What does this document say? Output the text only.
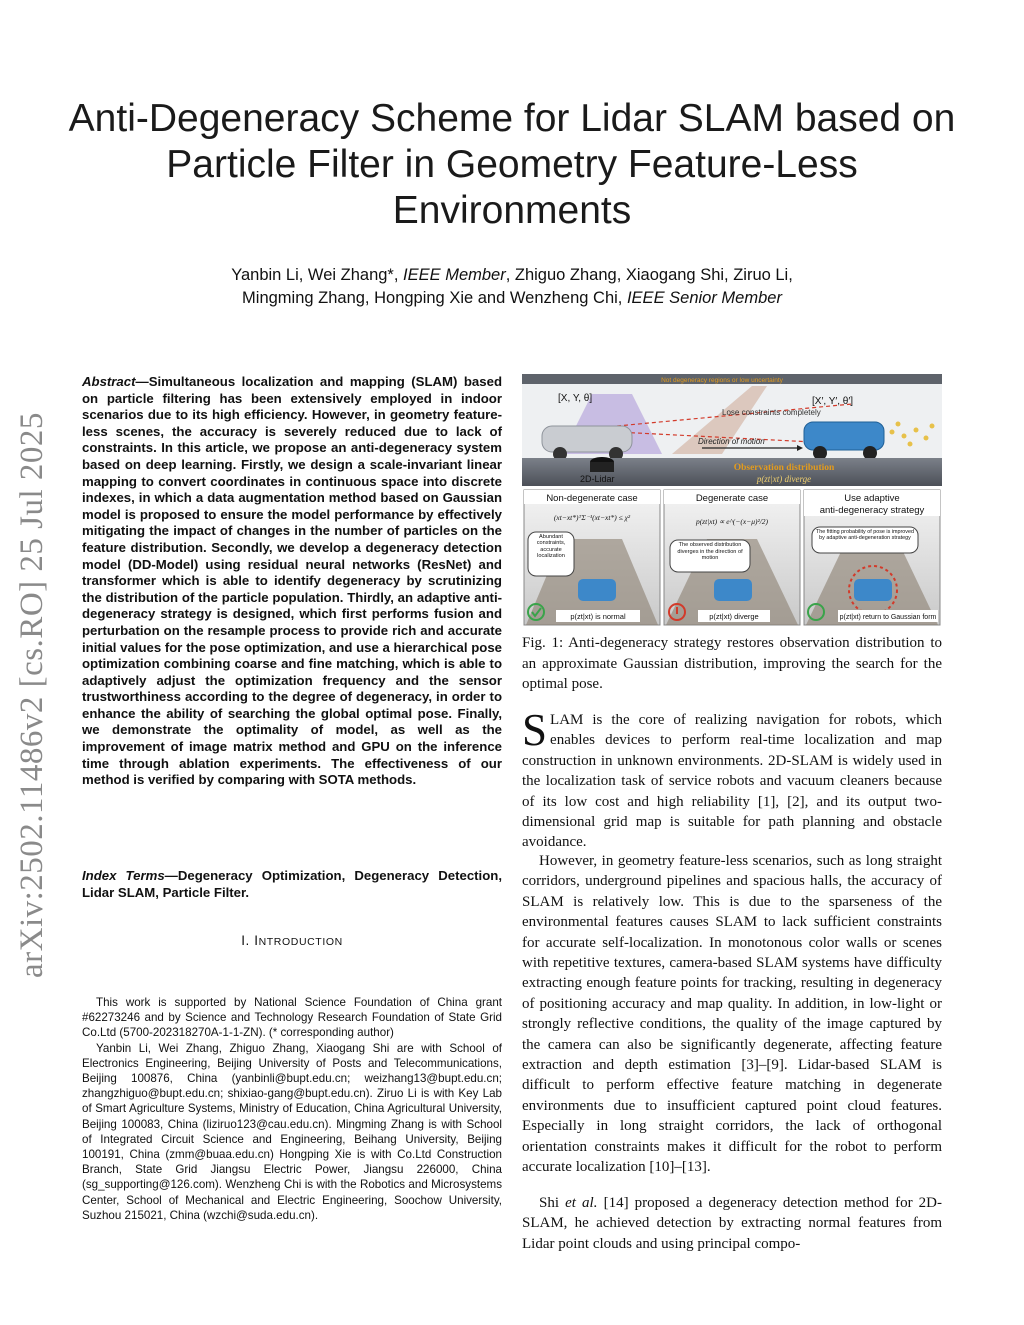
arXiv:2502.11486v2 [cs.RO] 25 Jul 2025
Anti-Degeneracy Scheme for Lidar SLAM based on Particle Filter in Geometry Feature-Less Environments
Yanbin Li, Wei Zhang*, IEEE Member, Zhiguo Zhang, Xiaogang Shi, Ziruo Li,
Mingming Zhang, Hongping Xie and Wenzheng Chi, IEEE Senior Member
Abstract—Simultaneous localization and mapping (SLAM) based on particle filtering has been extensively employed in indoor scenarios due to its high efficiency. However, in geometry feature-less scenes, the accuracy is severely reduced due to lack of constraints. In this article, we propose an anti-degeneracy system based on deep learning. Firstly, we design a scale-invariant linear mapping to convert coordinates in continuous space into discrete indexes, in which a data augmentation method based on Gaussian model is proposed to ensure the model performance by effectively mitigating the impact of changes in the number of particles on the feature distribution. Secondly, we develop a degeneracy detection model (DD-Model) using residual neural networks (ResNet) and transformer which is able to identify degeneracy by scrutinizing the distribution of the particle population. Thirdly, an adaptive anti-degeneracy strategy is designed, which first performs fusion and perturbation on the resample process to provide rich and accurate initial values for the pose optimization, and use a hierarchical pose optimization combining coarse and fine matching, which is able to adaptively adjust the optimization frequency and the sensor trustworthiness according to the degree of degeneracy, in order to enhance the ability of searching the global optimal pose. Finally, we demonstrate the optimality of model, as well as the improvement of image matrix method and GPU on the inference time through ablation experiments. The effectiveness of our method is verified by comparing with SOTA methods.
Index Terms—Degeneracy Optimization, Degeneracy Detection, Lidar SLAM, Particle Filter.
I. INTRODUCTION

This work is supported by National Science Foundation of China grant #62273246 and by Science and Technology Research Foundation of State Grid Co.Ltd (5700-202318270A-1-1-ZN). (* corresponding author)

Yanbin Li, Wei Zhang, Zhiguo Zhang, Xiaogang Shi are with School of Electronics Engineering, Beijing University of Posts and Telecommunications, Beijing 100876, China (yanbinli@bupt.edu.cn; weizhang13@bupt.edu.cn; zhangzhiguo@bupt.edu.cn; shixiao-gang@bupt.edu.cn). Ziruo Li is with Key Lab of Smart Agriculture Systems, Ministry of Education, China Agricultural University, Beijing 100083, China (liziruo123@cau.edu.cn). Mingming Zhang is with School of Integrated Circuit Science and Engineering, Beihang University, Beijing 100191, China (zmm@buaa.edu.cn) Hongping Xie is with Co.Ltd Construction Branch, State Grid Jiangsu Electric Power, Jiangsu 226000, China (sg_supporting@126.com). Wenzheng Chi is with the Robotics and Microsystems Center, School of Mechanical and Electric Engineering, Soochow University, Suzhou 215021, China (wzchi@suda.edu.cn).

Not degeneracy regions or low uncertainty
[X, Y, θ]	[X′, Y′, θ′]
Lose constraints completely
Direction of motion
2D-Lidar
Observation distribution
p(zt|xt) diverge
Non-degenerate case
(xt−xt*)ᵀΣ⁻¹(xt−xt*) ≤ χ²
Abundant constraints, accurate localization
p(zt|xt) is normal
Degenerate case
p(zt|xt) ∝ e^(−(x−μ)²/2)
The observed distribution diverges in the direction of motion
p(zt|xt) diverge
Use adaptive
anti-degeneracy strategy
The fitting probability of pose is improved by adaptive anti-degeneration strategy
p(zt|xt) return to Gaussian form
Fig. 1: Anti-degeneracy strategy restores observation distribution to an approximate Gaussian distribution, improving the search for the optimal pose.

SLAM is the core of realizing navigation for robots, which enables devices to perform real-time localization and map construction in unknown environments. 2D-SLAM is widely used in the localization task of service robots and vacuum cleaners because of its low cost and high reliability [1], [2], and its output two-dimensional grid map is suitable for path planning and obstacle avoidance.

However, in geometry feature-less scenarios, such as long straight corridors, underground pipelines and spacious halls, the accuracy of SLAM is relatively low. This is due to the sparseness of the environmental features causes SLAM to lack sufficient constraints for accurate self-localization. In monotonous color walls or scenes with repetitive textures, camera-based SLAM systems have difficulty extracting enough feature points for tracking, resulting in degeneracy of positioning accuracy and map quality. In addition, in low-light or strongly reflective conditions, the quality of the image captured by the camera can also be significantly degenerate, affecting feature extraction and depth estimation [3]–[9]. Lidar-based SLAM is difficult to perform effective feature matching in degenerate environments due to insufficient captured point cloud features. Especially in long straight corridors, the lack of orthogonal orientation constraints makes it difficult for the robot to perform accurate localization [10]–[13].

Shi et al. [14] proposed a degeneracy detection method for 2D-SLAM, he achieved detection by extracting normal features from Lidar point clouds and using principal compo-
